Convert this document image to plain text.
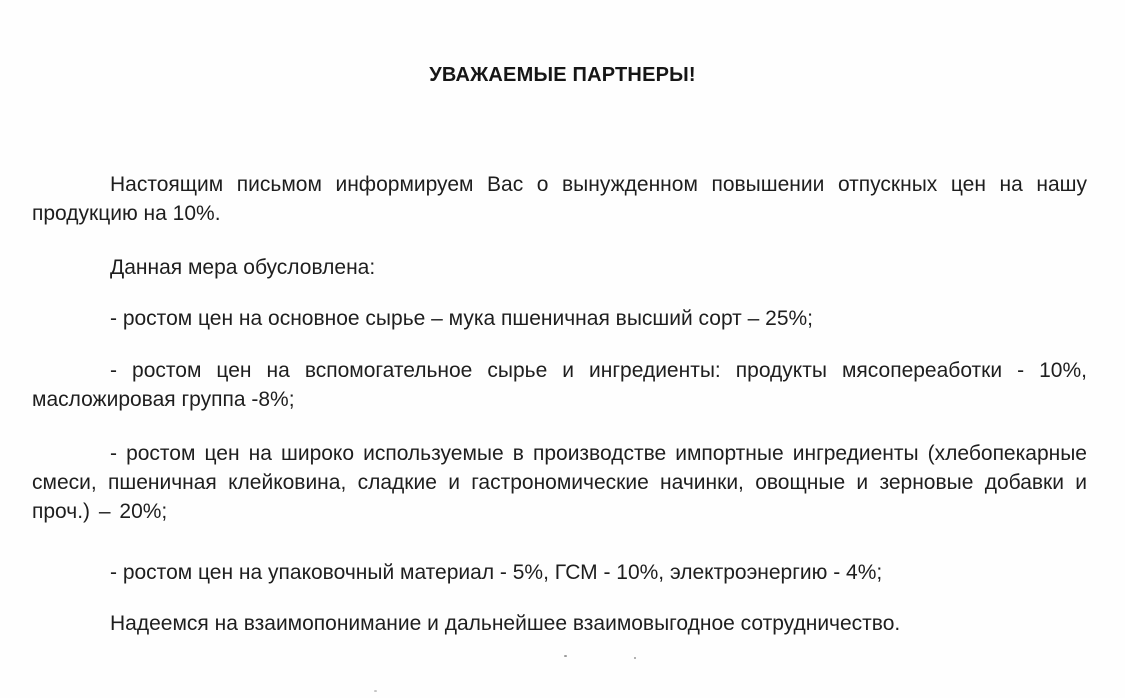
УВАЖАЕМЫЕ ПАРТНЕРЫ!

Настоящим письмом информируем Вас о вынужденном повышении отпускных цен на нашу продукцию на 10%.

Данная мера обусловлена:

- ростом цен на основное сырье – мука пшеничная высший сорт – 25%;

- ростом цен на вспомогательное сырье и ингредиенты: продукты мясопереаботки - 10%, масложировая группа -8%;

- ростом цен на широко используемые в производстве импортные ингредиенты (хлебопекарные смеси, пшеничная клейковина, сладкие и гастрономические начинки, овощные и зерновые добавки и проч.) – 20%;

- ростом цен на упаковочный материал - 5%, ГСМ - 10%, электроэнергию - 4%;

Надеемся на взаимопонимание и дальнейшее взаимовыгодное сотрудничество.
